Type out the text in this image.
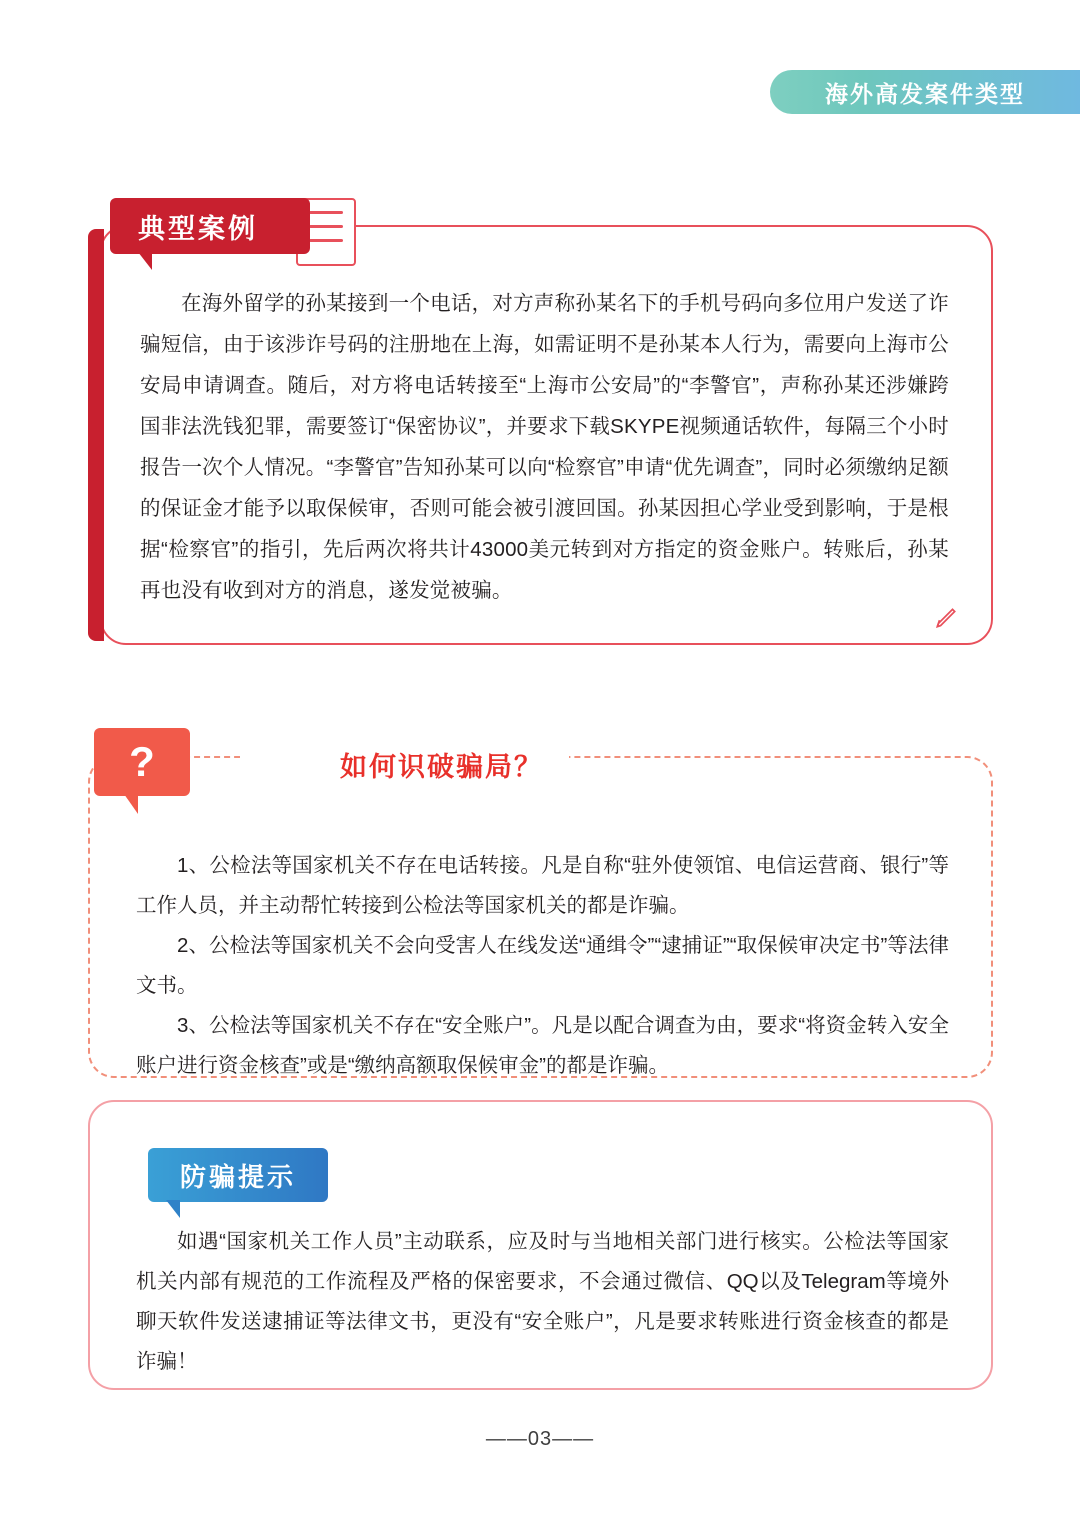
海外高发案件类型
典型案例
在海外留学的孙某接到一个电话，对方声称孙某名下的手机号码向多位用户发送了诈骗短信，由于该涉诈号码的注册地在上海，如需证明不是孙某本人行为，需要向上海市公安局申请调查。随后，对方将电话转接至“上海市公安局”的“李警官”，声称孙某还涉嫌跨国非法洗钱犯罪，需要签订“保密协议”，并要求下载SKYPE视频通话软件，每隔三个小时报告一次个人情况。“李警官”告知孙某可以向“检察官”申请“优先调查”，同时必须缴纳足额的保证金才能予以取保候审，否则可能会被引渡回国。孙某因担心学业受到影响，于是根据“检察官”的指引，先后两次将共计43000美元转到对方指定的资金账户。转账后，孙某再也没有收到对方的消息，遂发觉被骗。
?	如何识破骗局？

1、公检法等国家机关不存在电话转接。凡是自称“驻外使领馆、电信运营商、银行”等工作人员，并主动帮忙转接到公检法等国家机关的都是诈骗。

2、公检法等国家机关不会向受害人在线发送“通缉令”“逮捕证”“取保候审决定书”等法律文书。

3、公检法等国家机关不存在“安全账户”。凡是以配合调查为由，要求“将资金转入安全账户进行资金核查”或是“缴纳高额取保候审金”的都是诈骗。

防骗提示
如遇“国家机关工作人员”主动联系，应及时与当地相关部门进行核实。公检法等国家机关内部有规范的工作流程及严格的保密要求，不会通过微信、QQ以及Telegram等境外聊天软件发送逮捕证等法律文书，更没有“安全账户”，凡是要求转账进行资金核查的都是诈骗！
——03——
